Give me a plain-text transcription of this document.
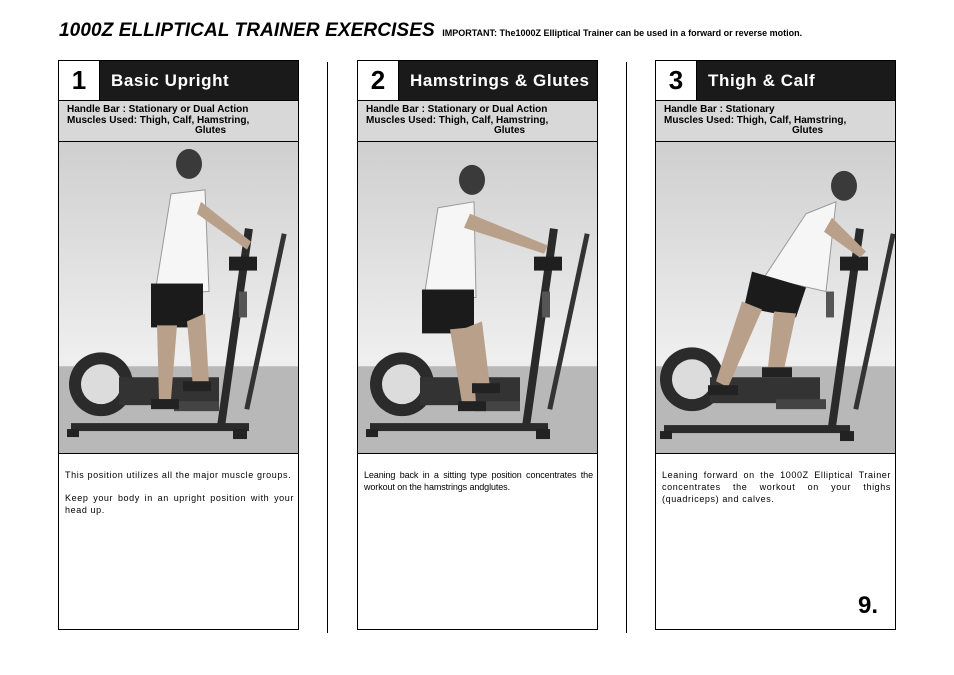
1000Z ELLIPTICAL TRAINER EXERCISES IMPORTANT: The1000Z Elliptical Trainer can be used in a forward or reverse motion.
1	Basic Upright
Handle Bar : Stationary or Dual Action
Muscles Used: Thigh, Calf, Hamstring,
Glutes

This position utilizes all the major muscle groups.

Keep your body in an upright position with your head up.

2	Hamstrings & Glutes
Handle Bar : Stationary or Dual Action
Muscles Used: Thigh, Calf, Hamstring,
Glutes

Leaning back in a sitting type position concentrates the workout on the hamstrings andglutes.

3	Thigh & Calf
Handle Bar : Stationary
Muscles Used: Thigh, Calf, Hamstring,
Glutes

Leaning forward on the 1000Z Elliptical Trainer concentrates the workout on your thighs (quadriceps) and calves.

9.
